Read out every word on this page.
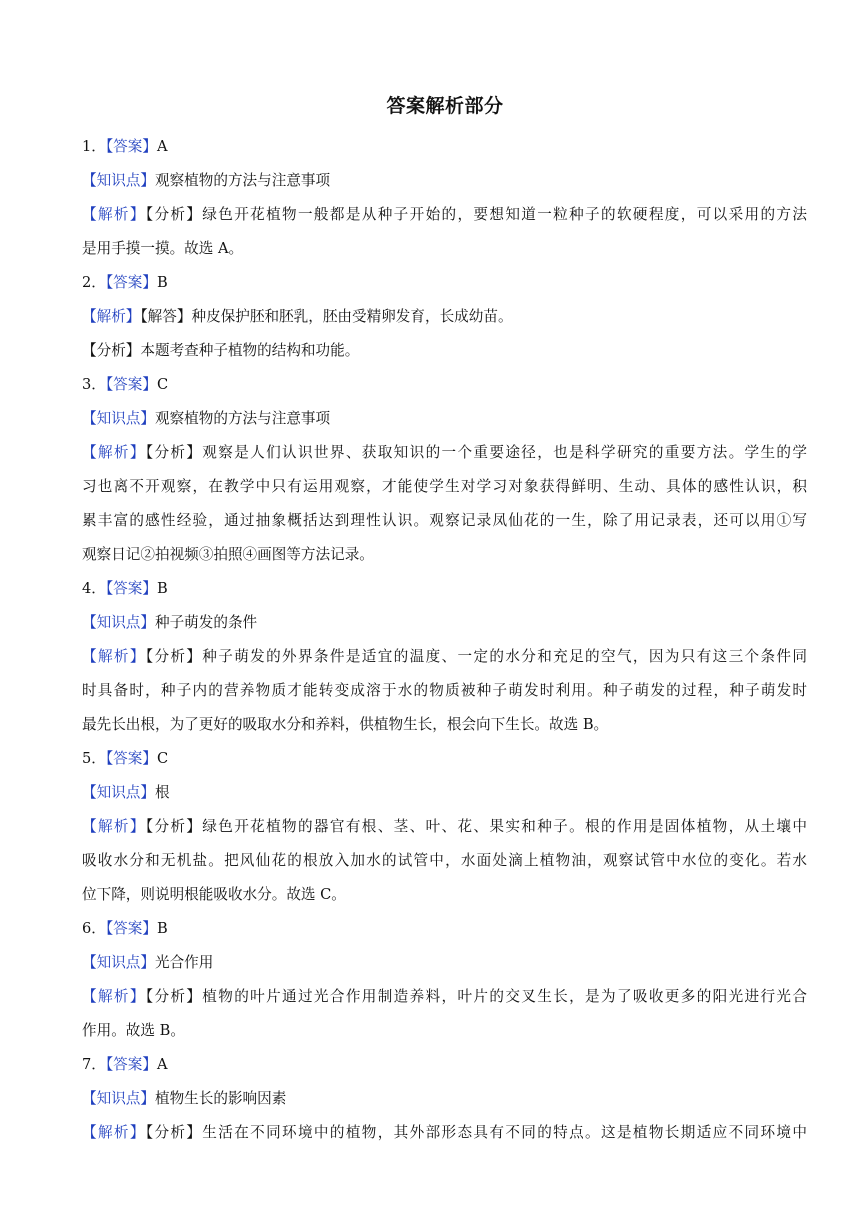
答案解析部分
1．【答案】A
【知识点】观察植物的方法与注意事项
【解析】【分析】绿色开花植物一般都是从种子开始的，要想知道一粒种子的软硬程度，可以采用的方法
是用手摸一摸。故选 A。
2．【答案】B
【解析】【解答】种皮保护胚和胚乳，胚由受精卵发育，长成幼苗。
【分析】本题考查种子植物的结构和功能。
3．【答案】C
【知识点】观察植物的方法与注意事项
【解析】【分析】观察是人们认识世界、获取知识的一个重要途径，也是科学研究的重要方法。学生的学
习也离不开观察，在教学中只有运用观察，才能使学生对学习对象获得鲜明、生动、具体的感性认识，积
累丰富的感性经验，通过抽象概括达到理性认识。观察记录凤仙花的一生，除了用记录表，还可以用①写
观察日记②拍视频③拍照④画图等方法记录。
4．【答案】B
【知识点】种子萌发的条件
【解析】【分析】种子萌发的外界条件是适宜的温度、一定的水分和充足的空气，因为只有这三个条件同
时具备时，种子内的营养物质才能转变成溶于水的物质被种子萌发时利用。种子萌发的过程，种子萌发时
最先长出根，为了更好的吸取水分和养料，供植物生长，根会向下生长。故选 B。
5．【答案】C
【知识点】根
【解析】【分析】绿色开花植物的器官有根、茎、叶、花、果实和种子。根的作用是固体植物，从土壤中
吸收水分和无机盐。把风仙花的根放入加水的试管中，水面处滴上植物油，观察试管中水位的变化。若水
位下降，则说明根能吸收水分。故选 C。
6．【答案】B
【知识点】光合作用
【解析】【分析】植物的叶片通过光合作用制造养料，叶片的交叉生长，是为了吸收更多的阳光进行光合
作用。故选 B。
7．【答案】A
【知识点】植物生长的影响因素
【解析】【分析】生活在不同环境中的植物，其外部形态具有不同的特点。这是植物长期适应不同环境中
